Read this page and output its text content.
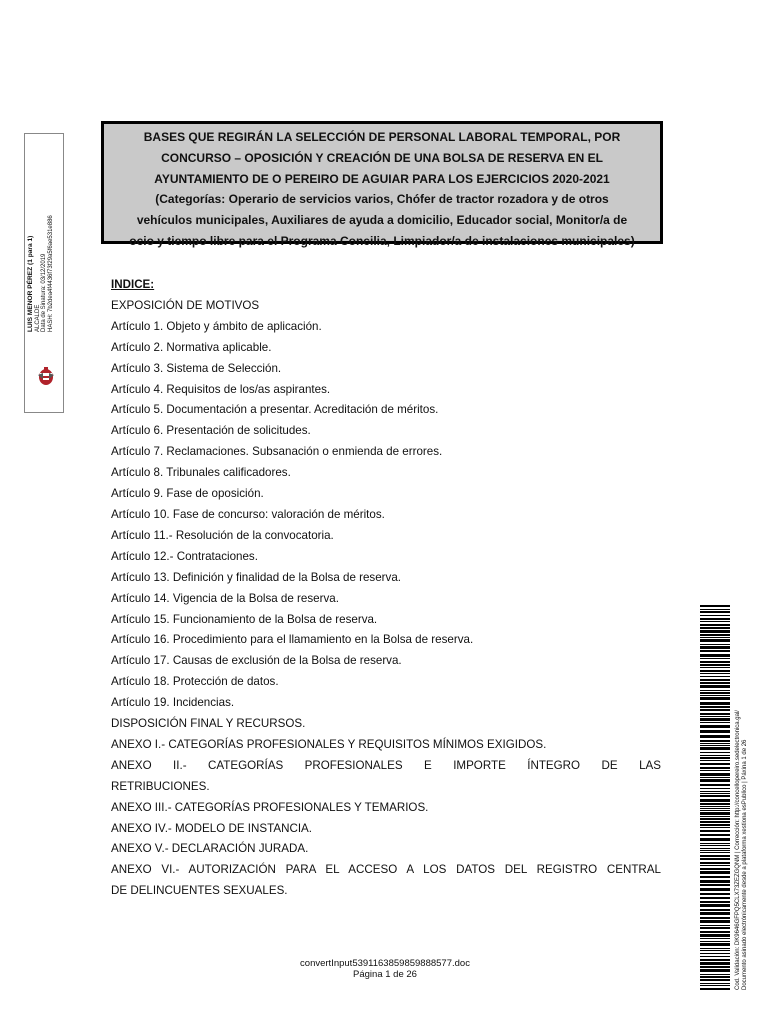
LUIS MENOR PÉREZ (1 para 1) ALCALDE Data de Sinatura: 03/12/2019 HASH: 7b2dea4f4436f73f29a5f6ae531e886
BASES QUE REGIRÁN LA SELECCIÓN DE PERSONAL LABORAL TEMPORAL, POR
CONCURSO – OPOSICIÓN Y CREACIÓN DE UNA BOLSA DE RESERVA EN EL
AYUNTAMIENTO DE O PEREIRO DE AGUIAR PARA LOS EJERCICIOS 2020-2021
(Categorías: Operario de servicios varios, Chófer de tractor rozadora y de otros
vehículos municipales, Auxiliares de ayuda a domicilio, Educador social, Monitor/a de
ocio y tiempo libre para el Programa Concilia, Limpiador/a de instalaciones municipales)
INDICE:
EXPOSICIÓN DE MOTIVOS
Artículo 1. Objeto y ámbito de aplicación.
Artículo 2. Normativa aplicable.
Artículo 3. Sistema de Selección.
Artículo 4. Requisitos de los/as aspirantes.
Artículo 5. Documentación a presentar. Acreditación de méritos.
Artículo 6. Presentación de solicitudes.
Artículo 7. Reclamaciones. Subsanación o enmienda de errores.
Artículo 8. Tribunales calificadores.
Artículo 9. Fase de oposición.
Artículo 10. Fase de concurso: valoración de méritos.
Artículo 11.- Resolución de la convocatoria.
Artículo 12.- Contrataciones.
Artículo 13. Definición y finalidad de la Bolsa de reserva.
Artículo 14. Vigencia de la Bolsa de reserva.
Artículo 15. Funcionamiento de la Bolsa de reserva.
Artículo 16. Procedimiento para el llamamiento en la Bolsa de reserva.
Artículo 17. Causas de exclusión de la Bolsa de reserva.
Artículo 18. Protección de datos.
Artículo 19. Incidencias.
DISPOSICIÓN FINAL Y RECURSOS.
ANEXO I.- CATEGORÍAS PROFESIONALES Y REQUISITOS MÍNIMOS EXIGIDOS.
ANEXO II.- CATEGORÍAS PROFESIONALES E IMPORTE ÍNTEGRO DE LAS
RETRIBUCIONES.
ANEXO III.- CATEGORÍAS PROFESIONALES Y TEMARIOS.
ANEXO IV.- MODELO DE INSTANCIA.
ANEXO V.- DECLARACIÓN JURADA.
ANEXO VI.- AUTORIZACIÓN PARA EL ACCESO A LOS DATOS DEL REGISTRO CENTRAL
DE DELINCUENTES SEXUALES.	Cod. Validación: DK9646GFPQ5CLX73ZEZGQNM | Corrección: http://concellopereiro.sedelectronica.gal/ Documento asinado electrónicamente desde a plataforma xestiona esPublico | Páxina 1 de 26
convertInput5391163859859888577.doc
Página 1 de 26
